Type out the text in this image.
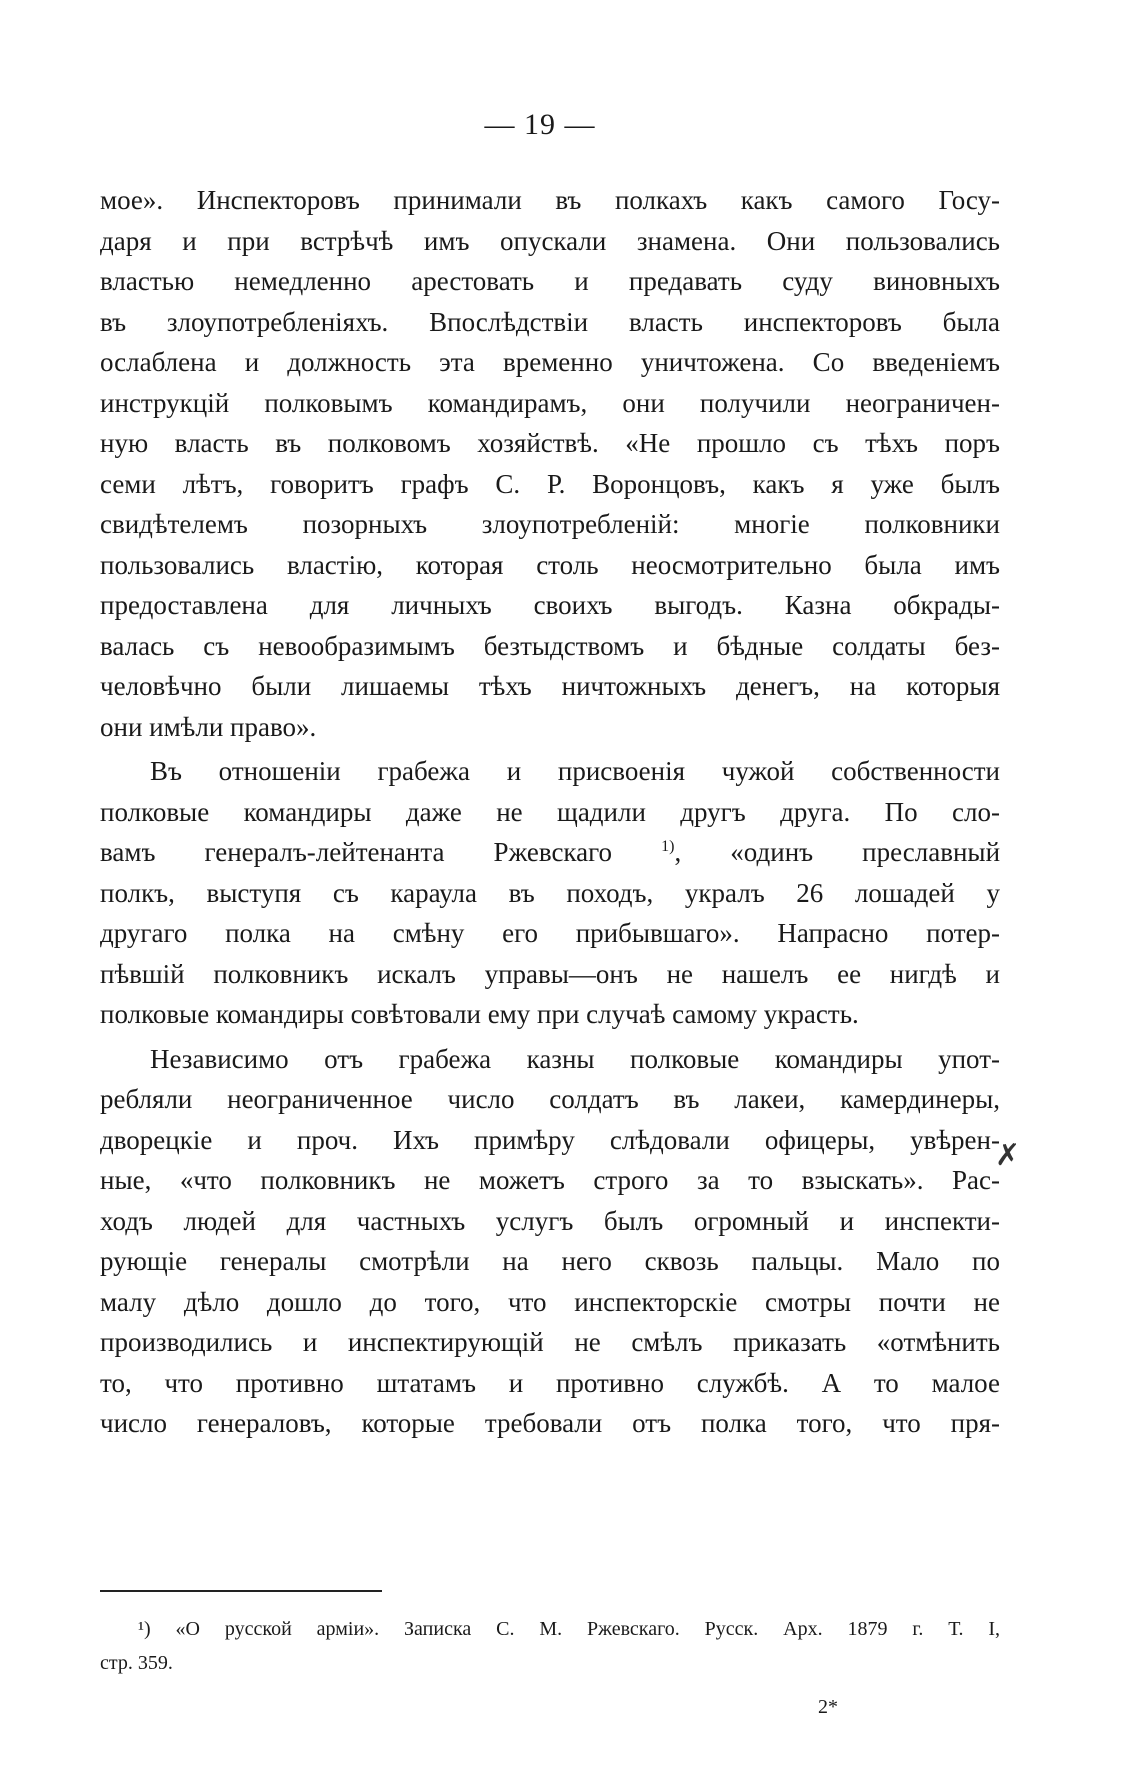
— 19 —
мое». Инспекторовъ принимали въ полкахъ какъ самого Госу-
даря и при встрѣчѣ имъ опускали знамена. Они пользовались
властью немедленно арестовать и предавать суду виновныхъ
въ злоупотребленіяхъ. Впослѣдствіи власть инспекторовъ была
ослаблена и должность эта временно уничтожена. Со введеніемъ
инструкцій полковымъ командирамъ, они получили неограничен-
ную власть въ полковомъ хозяйствѣ. «Не прошло съ тѣхъ поръ
семи лѣтъ, говоритъ графъ С. Р. Воронцовъ, какъ я уже былъ
свидѣтелемъ позорныхъ злоупотребленій: многіе полковники
пользовались властію, которая столь неосмотрительно была имъ
предоставлена для личныхъ своихъ выгодъ. Казна обкрады-
валась съ невообразимымъ безтыдствомъ и бѣдные солдаты без-
человѣчно были лишаемы тѣхъ ничтожныхъ денегъ, на которыя
они имѣли право».
Въ отношеніи грабежа и присвоенія чужой собственности
полковые командиры даже не щадили другъ друга. По сло-
вамъ генералъ-лейтенанта Ржевскаго	$^{1)}$, «одинъ преславный
полкъ, выступя съ караула въ походъ, укралъ 26 лошадей у
другаго полка на смѣну его прибывшаго». Напрасно потер-
пѣвшій полковникъ искалъ управы—онъ не нашелъ ее нигдѣ и
полковые командиры совѣтовали ему при случаѣ самому украсть.
Независимо отъ грабежа казны полковые командиры упот-
ребляли неограниченное число солдатъ въ лакеи, камердинеры,
дворецкіе и проч. Ихъ примѣру слѣдовали офицеры, увѣрен-
ные, «что полковникъ не можетъ строго за то взыскать». Рас-
ходъ людей для частныхъ услугъ былъ огромный и инспекти-
рующіе генералы смотрѣли на него сквозь пальцы. Мало по
малу дѣло дошло до того, что инспекторскіе смотры почти не
производились и инспектирующій не смѣлъ приказать «отмѣнить
то, что противно штатамъ и противно службѣ. А то малое
число генераловъ, которые требовали отъ полка того, что пря-
✗
¹) «О русской арміи». Записка С. М. Ржевскаго. Русск. Арх. 1879 г. Т. I,
стр. 359.
2*
